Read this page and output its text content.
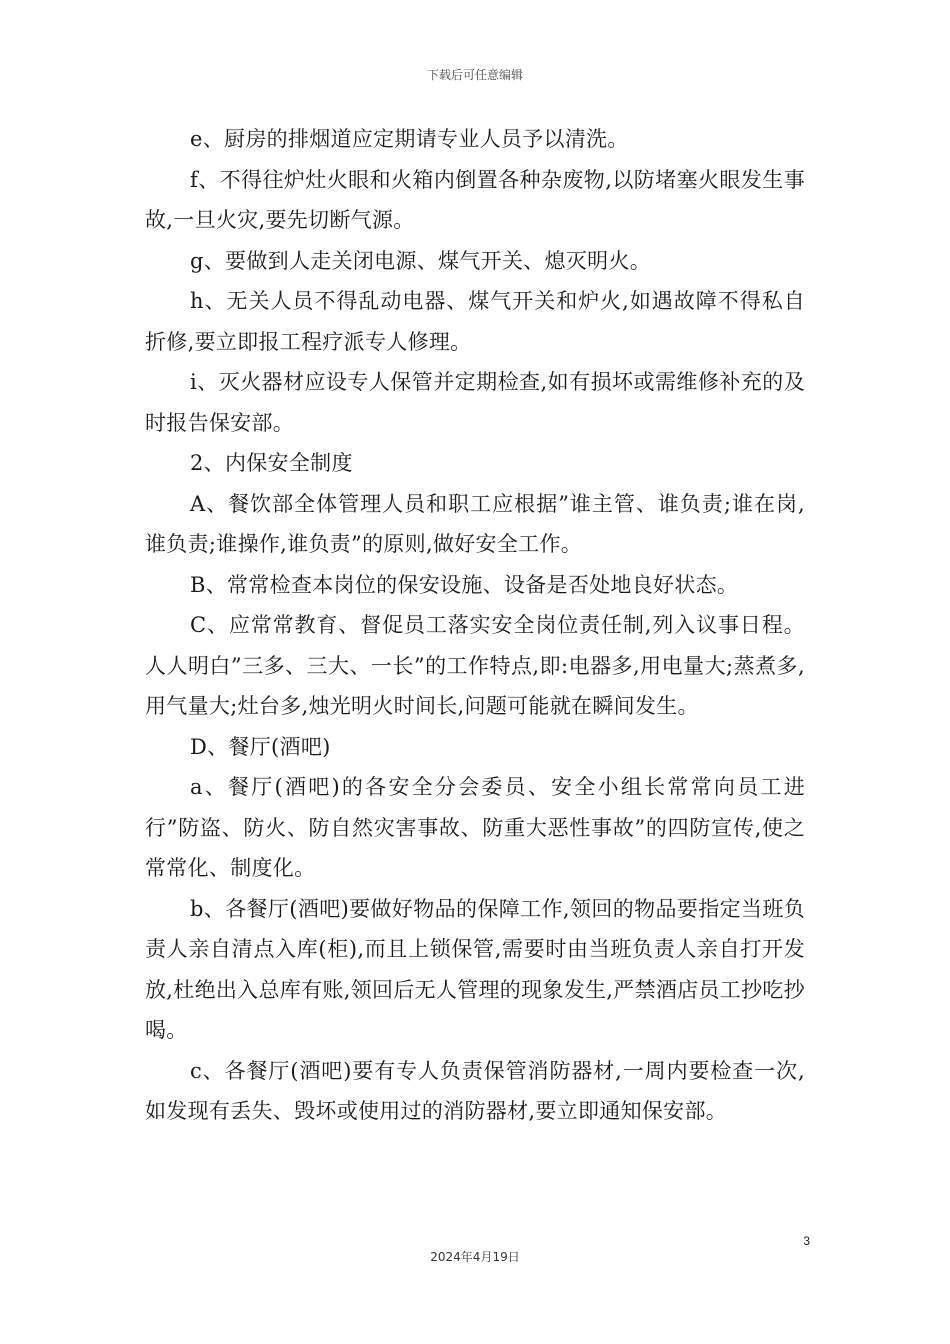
下载后可任意编辑

e、厨房的排烟道应定期请专业人员予以清洗。

f、不得往炉灶火眼和火箱内倒置各种杂废物,以防堵塞火眼发生事故,一旦火灾,要先切断气源。

g、要做到人走关闭电源、煤气开关、熄灭明火。

h、无关人员不得乱动电器、煤气开关和炉火,如遇故障不得私自折修,要立即报工程疗派专人修理。

i、灭火器材应设专人保管并定期检查,如有损坏或需维修补充的及时报告保安部。

2、内保安全制度

A、餐饮部全体管理人员和职工应根据”谁主管、谁负责;谁在岗,谁负责;谁操作,谁负责”的原则,做好安全工作。

B、常常检查本岗位的保安设施、设备是否处地良好状态。

C、应常常教育、督促员工落实安全岗位责任制,列入议事日程。人人明白”三多、三大、一长”的工作特点,即:电器多,用电量大;蒸煮多,用气量大;灶台多,烛光明火时间长,问题可能就在瞬间发生。

D、餐厅(酒吧)

a、餐厅(酒吧)的各安全分会委员、安全小组长常常向员工进行”防盗、防火、防自然灾害事故、防重大恶性事故”的四防宣传,使之常常化、制度化。

b、各餐厅(酒吧)要做好物品的保障工作,领回的物品要指定当班负责人亲自清点入库(柜),而且上锁保管,需要时由当班负责人亲自打开发放,杜绝出入总库有账,领回后无人管理的现象发生,严禁酒店员工抄吃抄喝。

c、各餐厅(酒吧)要有专人负责保管消防器材,一周内要检查一次,如发现有丢失、毁坏或使用过的消防器材,要立即通知保安部。

3
2024年4月19日
